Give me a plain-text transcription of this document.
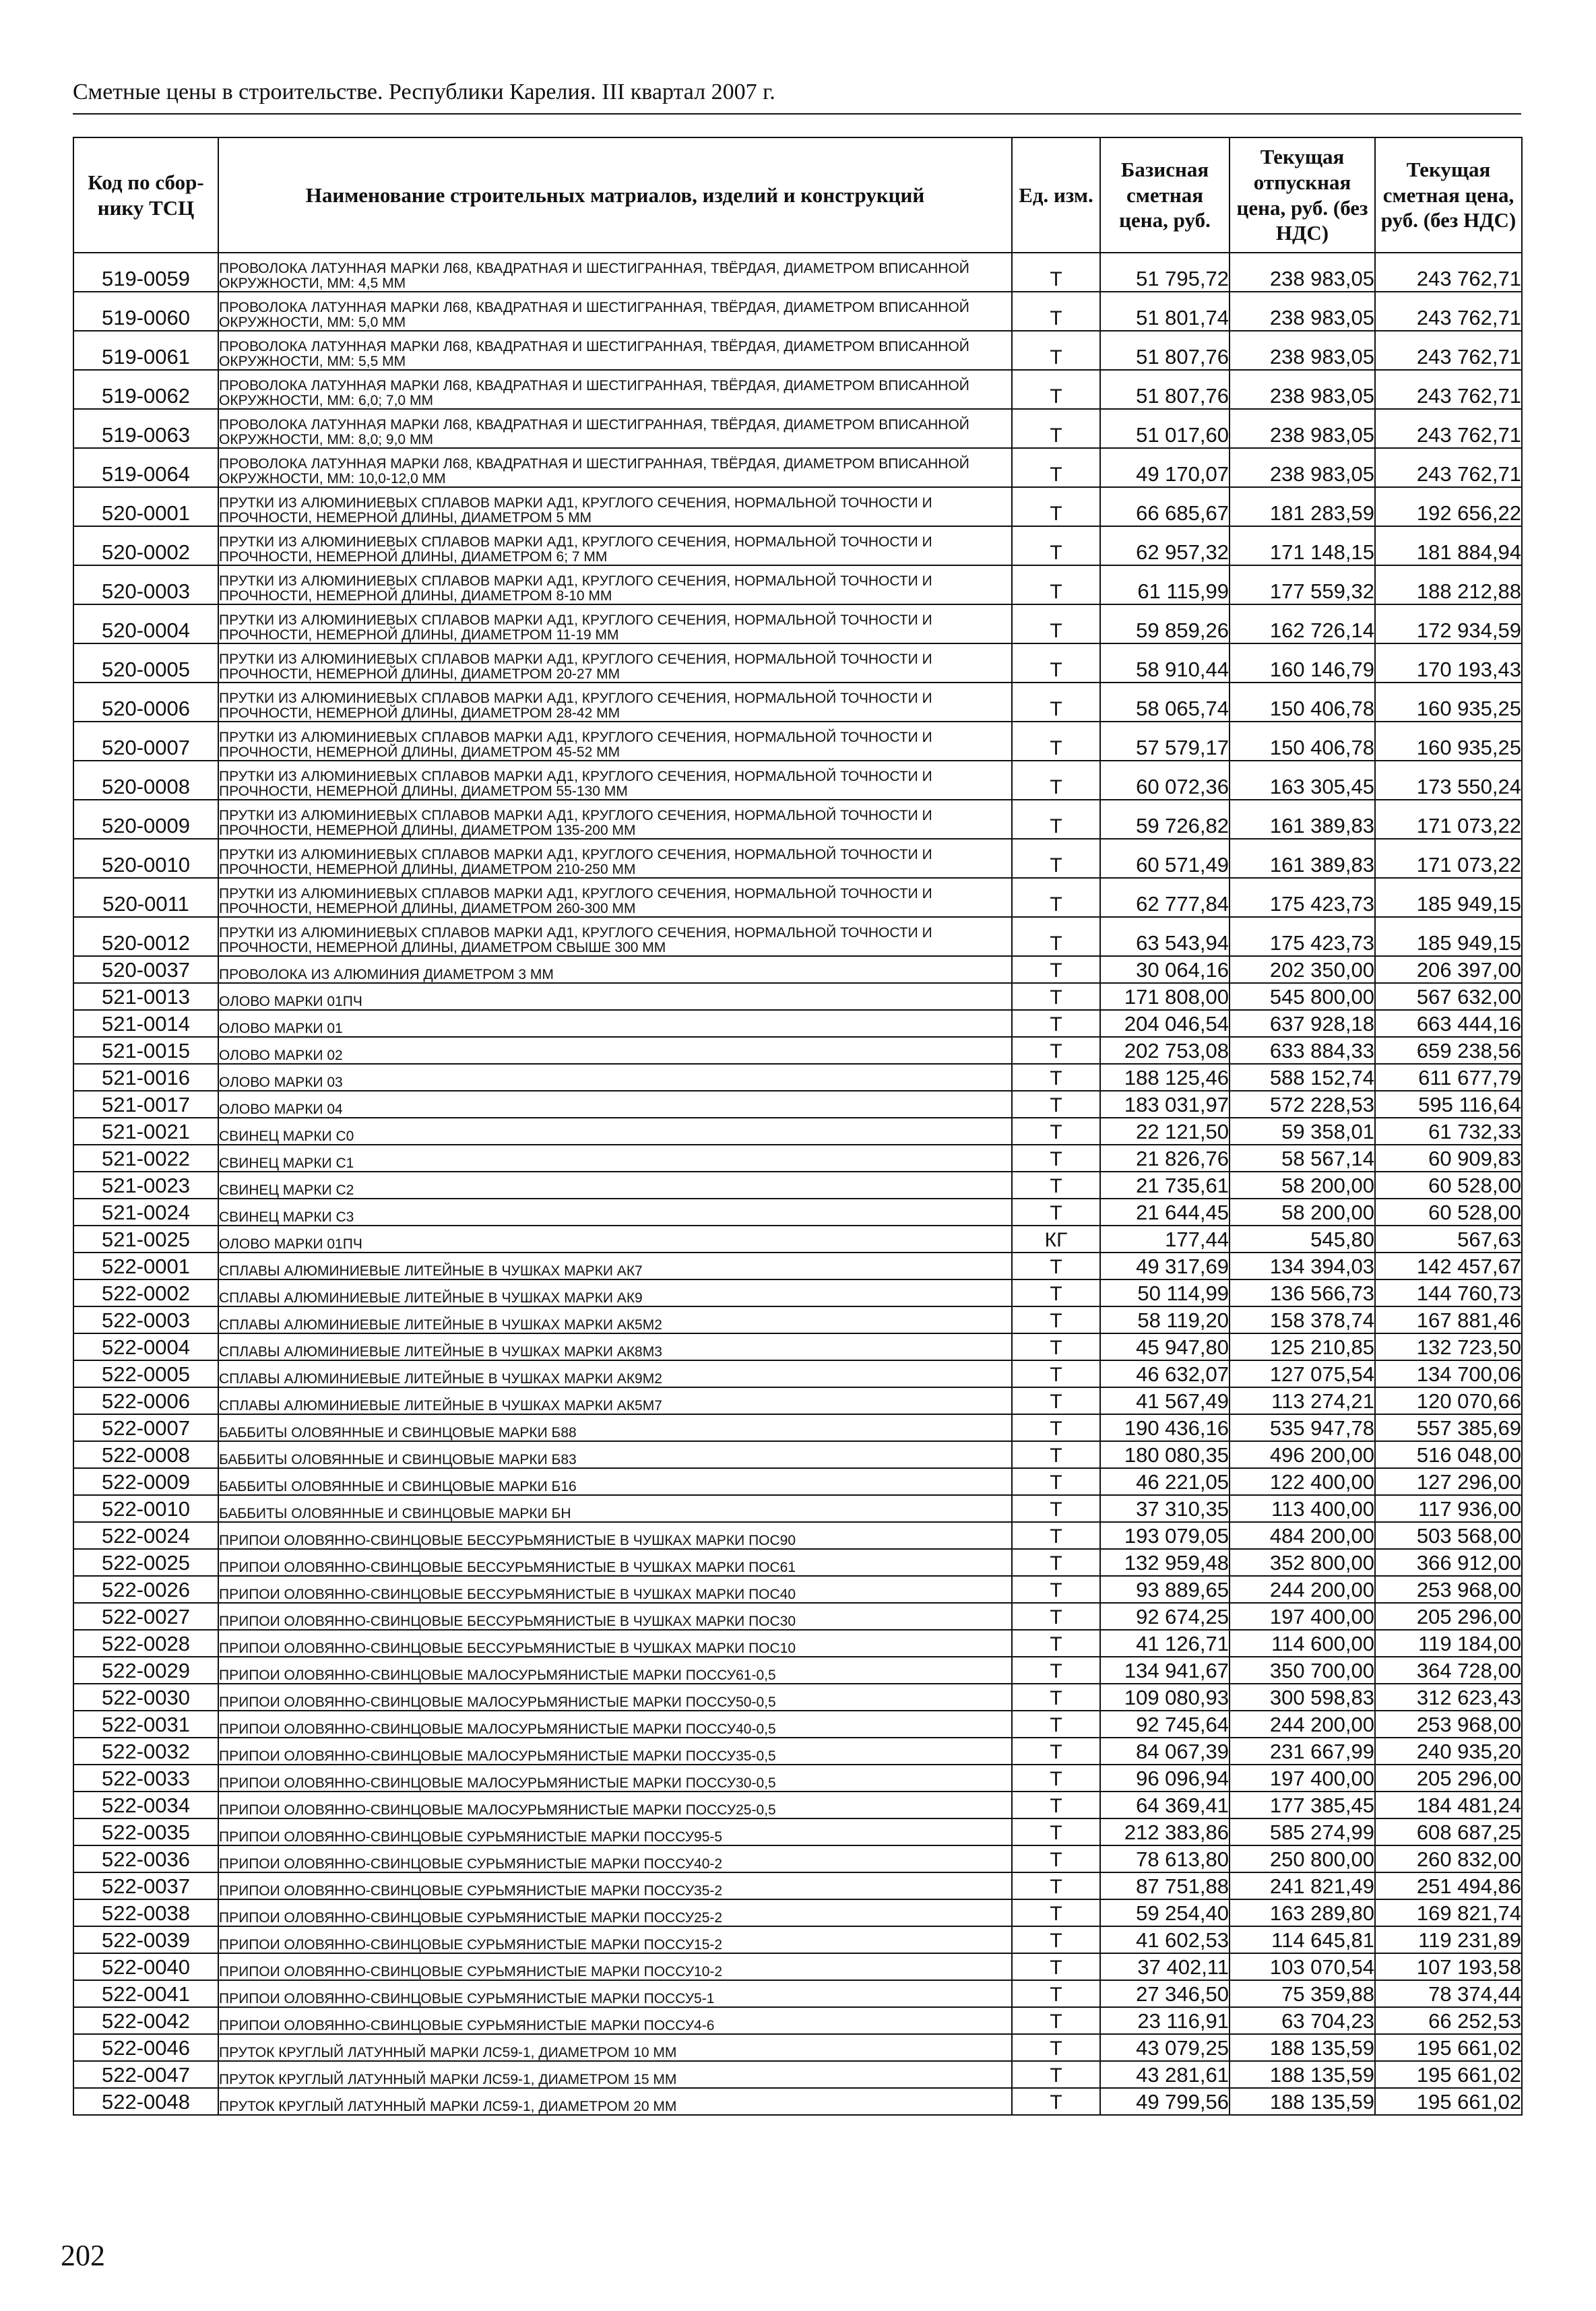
Сметные цены в строительстве. Республики Карелия. III квартал 2007 г.
Код по сбор-нику ТСЦ	Наименование строительных матриалов, изделий и конструкций	Ед. изм.	Базисная сметная цена, руб.	Текущая отпускная цена, руб. (без НДС)	Текущая сметная цена, руб. (без НДС)
519-0059	ПРОВОЛОКА ЛАТУННАЯ МАРКИ Л68, КВАДРАТНАЯ И ШЕСТИГРАННАЯ, ТВЁРДАЯ, ДИАМЕТРОМ ВПИСАННОЙ ОКРУЖНОСТИ, ММ: 4,5 ММ	Т	51 795,72	238 983,05	243 762,71
519-0060	ПРОВОЛОКА ЛАТУННАЯ МАРКИ Л68, КВАДРАТНАЯ И ШЕСТИГРАННАЯ, ТВЁРДАЯ, ДИАМЕТРОМ ВПИСАННОЙ ОКРУЖНОСТИ, ММ: 5,0 ММ	Т	51 801,74	238 983,05	243 762,71
519-0061	ПРОВОЛОКА ЛАТУННАЯ МАРКИ Л68, КВАДРАТНАЯ И ШЕСТИГРАННАЯ, ТВЁРДАЯ, ДИАМЕТРОМ ВПИСАННОЙ ОКРУЖНОСТИ, ММ: 5,5 ММ	Т	51 807,76	238 983,05	243 762,71
519-0062	ПРОВОЛОКА ЛАТУННАЯ МАРКИ Л68, КВАДРАТНАЯ И ШЕСТИГРАННАЯ, ТВЁРДАЯ, ДИАМЕТРОМ ВПИСАННОЙ ОКРУЖНОСТИ, ММ: 6,0; 7,0 ММ	Т	51 807,76	238 983,05	243 762,71
519-0063	ПРОВОЛОКА ЛАТУННАЯ МАРКИ Л68, КВАДРАТНАЯ И ШЕСТИГРАННАЯ, ТВЁРДАЯ, ДИАМЕТРОМ ВПИСАННОЙ ОКРУЖНОСТИ, ММ: 8,0; 9,0 ММ	Т	51 017,60	238 983,05	243 762,71
519-0064	ПРОВОЛОКА ЛАТУННАЯ МАРКИ Л68, КВАДРАТНАЯ И ШЕСТИГРАННАЯ, ТВЁРДАЯ, ДИАМЕТРОМ ВПИСАННОЙ ОКРУЖНОСТИ, ММ: 10,0-12,0 ММ	Т	49 170,07	238 983,05	243 762,71
520-0001	ПРУТКИ ИЗ АЛЮМИНИЕВЫХ СПЛАВОВ МАРКИ АД1, КРУГЛОГО СЕЧЕНИЯ, НОРМАЛЬНОЙ ТОЧНОСТИ И ПРОЧНОСТИ, НЕМЕРНОЙ ДЛИНЫ, ДИАМЕТРОМ 5 ММ	Т	66 685,67	181 283,59	192 656,22
520-0002	ПРУТКИ ИЗ АЛЮМИНИЕВЫХ СПЛАВОВ МАРКИ АД1, КРУГЛОГО СЕЧЕНИЯ, НОРМАЛЬНОЙ ТОЧНОСТИ И ПРОЧНОСТИ, НЕМЕРНОЙ ДЛИНЫ, ДИАМЕТРОМ 6; 7 ММ	Т	62 957,32	171 148,15	181 884,94
520-0003	ПРУТКИ ИЗ АЛЮМИНИЕВЫХ СПЛАВОВ МАРКИ АД1, КРУГЛОГО СЕЧЕНИЯ, НОРМАЛЬНОЙ ТОЧНОСТИ И ПРОЧНОСТИ, НЕМЕРНОЙ ДЛИНЫ, ДИАМЕТРОМ 8-10 ММ	Т	61 115,99	177 559,32	188 212,88
520-0004	ПРУТКИ ИЗ АЛЮМИНИЕВЫХ СПЛАВОВ МАРКИ АД1, КРУГЛОГО СЕЧЕНИЯ, НОРМАЛЬНОЙ ТОЧНОСТИ И ПРОЧНОСТИ, НЕМЕРНОЙ ДЛИНЫ, ДИАМЕТРОМ 11-19 ММ	Т	59 859,26	162 726,14	172 934,59
520-0005	ПРУТКИ ИЗ АЛЮМИНИЕВЫХ СПЛАВОВ МАРКИ АД1, КРУГЛОГО СЕЧЕНИЯ, НОРМАЛЬНОЙ ТОЧНОСТИ И ПРОЧНОСТИ, НЕМЕРНОЙ ДЛИНЫ, ДИАМЕТРОМ 20-27 ММ	Т	58 910,44	160 146,79	170 193,43
520-0006	ПРУТКИ ИЗ АЛЮМИНИЕВЫХ СПЛАВОВ МАРКИ АД1, КРУГЛОГО СЕЧЕНИЯ, НОРМАЛЬНОЙ ТОЧНОСТИ И ПРОЧНОСТИ, НЕМЕРНОЙ ДЛИНЫ, ДИАМЕТРОМ 28-42 ММ	Т	58 065,74	150 406,78	160 935,25
520-0007	ПРУТКИ ИЗ АЛЮМИНИЕВЫХ СПЛАВОВ МАРКИ АД1, КРУГЛОГО СЕЧЕНИЯ, НОРМАЛЬНОЙ ТОЧНОСТИ И ПРОЧНОСТИ, НЕМЕРНОЙ ДЛИНЫ, ДИАМЕТРОМ 45-52 ММ	Т	57 579,17	150 406,78	160 935,25
520-0008	ПРУТКИ ИЗ АЛЮМИНИЕВЫХ СПЛАВОВ МАРКИ АД1, КРУГЛОГО СЕЧЕНИЯ, НОРМАЛЬНОЙ ТОЧНОСТИ И ПРОЧНОСТИ, НЕМЕРНОЙ ДЛИНЫ, ДИАМЕТРОМ 55-130 ММ	Т	60 072,36	163 305,45	173 550,24
520-0009	ПРУТКИ ИЗ АЛЮМИНИЕВЫХ СПЛАВОВ МАРКИ АД1, КРУГЛОГО СЕЧЕНИЯ, НОРМАЛЬНОЙ ТОЧНОСТИ И ПРОЧНОСТИ, НЕМЕРНОЙ ДЛИНЫ, ДИАМЕТРОМ 135-200 ММ	Т	59 726,82	161 389,83	171 073,22
520-0010	ПРУТКИ ИЗ АЛЮМИНИЕВЫХ СПЛАВОВ МАРКИ АД1, КРУГЛОГО СЕЧЕНИЯ, НОРМАЛЬНОЙ ТОЧНОСТИ И ПРОЧНОСТИ, НЕМЕРНОЙ ДЛИНЫ, ДИАМЕТРОМ 210-250 ММ	Т	60 571,49	161 389,83	171 073,22
520-0011	ПРУТКИ ИЗ АЛЮМИНИЕВЫХ СПЛАВОВ МАРКИ АД1, КРУГЛОГО СЕЧЕНИЯ, НОРМАЛЬНОЙ ТОЧНОСТИ И ПРОЧНОСТИ, НЕМЕРНОЙ ДЛИНЫ, ДИАМЕТРОМ 260-300 ММ	Т	62 777,84	175 423,73	185 949,15
520-0012	ПРУТКИ ИЗ АЛЮМИНИЕВЫХ СПЛАВОВ МАРКИ АД1, КРУГЛОГО СЕЧЕНИЯ, НОРМАЛЬНОЙ ТОЧНОСТИ И ПРОЧНОСТИ, НЕМЕРНОЙ ДЛИНЫ, ДИАМЕТРОМ СВЫШЕ 300 ММ	Т	63 543,94	175 423,73	185 949,15
520-0037	ПРОВОЛОКА ИЗ АЛЮМИНИЯ ДИАМЕТРОМ 3 ММ	Т	30 064,16	202 350,00	206 397,00
521-0013	ОЛОВО МАРКИ 01ПЧ	Т	171 808,00	545 800,00	567 632,00
521-0014	ОЛОВО МАРКИ 01	Т	204 046,54	637 928,18	663 444,16
521-0015	ОЛОВО МАРКИ 02	Т	202 753,08	633 884,33	659 238,56
521-0016	ОЛОВО МАРКИ 03	Т	188 125,46	588 152,74	611 677,79
521-0017	ОЛОВО МАРКИ 04	Т	183 031,97	572 228,53	595 116,64
521-0021	СВИНЕЦ МАРКИ С0	Т	22 121,50	59 358,01	61 732,33
521-0022	СВИНЕЦ МАРКИ С1	Т	21 826,76	58 567,14	60 909,83
521-0023	СВИНЕЦ МАРКИ С2	Т	21 735,61	58 200,00	60 528,00
521-0024	СВИНЕЦ МАРКИ С3	Т	21 644,45	58 200,00	60 528,00
521-0025	ОЛОВО МАРКИ 01ПЧ	КГ	177,44	545,80	567,63
522-0001	СПЛАВЫ АЛЮМИНИЕВЫЕ ЛИТЕЙНЫЕ В ЧУШКАХ МАРКИ АК7	Т	49 317,69	134 394,03	142 457,67
522-0002	СПЛАВЫ АЛЮМИНИЕВЫЕ ЛИТЕЙНЫЕ В ЧУШКАХ МАРКИ АК9	Т	50 114,99	136 566,73	144 760,73
522-0003	СПЛАВЫ АЛЮМИНИЕВЫЕ ЛИТЕЙНЫЕ В ЧУШКАХ МАРКИ АК5М2	Т	58 119,20	158 378,74	167 881,46
522-0004	СПЛАВЫ АЛЮМИНИЕВЫЕ ЛИТЕЙНЫЕ В ЧУШКАХ МАРКИ АК8М3	Т	45 947,80	125 210,85	132 723,50
522-0005	СПЛАВЫ АЛЮМИНИЕВЫЕ ЛИТЕЙНЫЕ В ЧУШКАХ МАРКИ АК9М2	Т	46 632,07	127 075,54	134 700,06
522-0006	СПЛАВЫ АЛЮМИНИЕВЫЕ ЛИТЕЙНЫЕ В ЧУШКАХ МАРКИ АК5М7	Т	41 567,49	113 274,21	120 070,66
522-0007	БАББИТЫ ОЛОВЯННЫЕ И СВИНЦОВЫЕ МАРКИ Б88	Т	190 436,16	535 947,78	557 385,69
522-0008	БАББИТЫ ОЛОВЯННЫЕ И СВИНЦОВЫЕ МАРКИ Б83	Т	180 080,35	496 200,00	516 048,00
522-0009	БАББИТЫ ОЛОВЯННЫЕ И СВИНЦОВЫЕ МАРКИ Б16	Т	46 221,05	122 400,00	127 296,00
522-0010	БАББИТЫ ОЛОВЯННЫЕ И СВИНЦОВЫЕ МАРКИ БН	Т	37 310,35	113 400,00	117 936,00
522-0024	ПРИПОИ ОЛОВЯННО-СВИНЦОВЫЕ БЕССУРЬМЯНИСТЫЕ В ЧУШКАХ МАРКИ ПОС90	Т	193 079,05	484 200,00	503 568,00
522-0025	ПРИПОИ ОЛОВЯННО-СВИНЦОВЫЕ БЕССУРЬМЯНИСТЫЕ В ЧУШКАХ МАРКИ ПОС61	Т	132 959,48	352 800,00	366 912,00
522-0026	ПРИПОИ ОЛОВЯННО-СВИНЦОВЫЕ БЕССУРЬМЯНИСТЫЕ В ЧУШКАХ МАРКИ ПОС40	Т	93 889,65	244 200,00	253 968,00
522-0027	ПРИПОИ ОЛОВЯННО-СВИНЦОВЫЕ БЕССУРЬМЯНИСТЫЕ В ЧУШКАХ МАРКИ ПОС30	Т	92 674,25	197 400,00	205 296,00
522-0028	ПРИПОИ ОЛОВЯННО-СВИНЦОВЫЕ БЕССУРЬМЯНИСТЫЕ В ЧУШКАХ МАРКИ ПОС10	Т	41 126,71	114 600,00	119 184,00
522-0029	ПРИПОИ ОЛОВЯННО-СВИНЦОВЫЕ МАЛОСУРЬМЯНИСТЫЕ МАРКИ ПОССУ61-0,5	Т	134 941,67	350 700,00	364 728,00
522-0030	ПРИПОИ ОЛОВЯННО-СВИНЦОВЫЕ МАЛОСУРЬМЯНИСТЫЕ МАРКИ ПОССУ50-0,5	Т	109 080,93	300 598,83	312 623,43
522-0031	ПРИПОИ ОЛОВЯННО-СВИНЦОВЫЕ МАЛОСУРЬМЯНИСТЫЕ МАРКИ ПОССУ40-0,5	Т	92 745,64	244 200,00	253 968,00
522-0032	ПРИПОИ ОЛОВЯННО-СВИНЦОВЫЕ МАЛОСУРЬМЯНИСТЫЕ МАРКИ ПОССУ35-0,5	Т	84 067,39	231 667,99	240 935,20
522-0033	ПРИПОИ ОЛОВЯННО-СВИНЦОВЫЕ МАЛОСУРЬМЯНИСТЫЕ МАРКИ ПОССУ30-0,5	Т	96 096,94	197 400,00	205 296,00
522-0034	ПРИПОИ ОЛОВЯННО-СВИНЦОВЫЕ МАЛОСУРЬМЯНИСТЫЕ МАРКИ ПОССУ25-0,5	Т	64 369,41	177 385,45	184 481,24
522-0035	ПРИПОИ ОЛОВЯННО-СВИНЦОВЫЕ СУРЬМЯНИСТЫЕ МАРКИ ПОССУ95-5	Т	212 383,86	585 274,99	608 687,25
522-0036	ПРИПОИ ОЛОВЯННО-СВИНЦОВЫЕ СУРЬМЯНИСТЫЕ МАРКИ ПОССУ40-2	Т	78 613,80	250 800,00	260 832,00
522-0037	ПРИПОИ ОЛОВЯННО-СВИНЦОВЫЕ СУРЬМЯНИСТЫЕ МАРКИ ПОССУ35-2	Т	87 751,88	241 821,49	251 494,86
522-0038	ПРИПОИ ОЛОВЯННО-СВИНЦОВЫЕ СУРЬМЯНИСТЫЕ МАРКИ ПОССУ25-2	Т	59 254,40	163 289,80	169 821,74
522-0039	ПРИПОИ ОЛОВЯННО-СВИНЦОВЫЕ СУРЬМЯНИСТЫЕ МАРКИ ПОССУ15-2	Т	41 602,53	114 645,81	119 231,89
522-0040	ПРИПОИ ОЛОВЯННО-СВИНЦОВЫЕ СУРЬМЯНИСТЫЕ МАРКИ ПОССУ10-2	Т	37 402,11	103 070,54	107 193,58
522-0041	ПРИПОИ ОЛОВЯННО-СВИНЦОВЫЕ СУРЬМЯНИСТЫЕ МАРКИ ПОССУ5-1	Т	27 346,50	75 359,88	78 374,44
522-0042	ПРИПОИ ОЛОВЯННО-СВИНЦОВЫЕ СУРЬМЯНИСТЫЕ МАРКИ ПОССУ4-6	Т	23 116,91	63 704,23	66 252,53
522-0046	ПРУТОК КРУГЛЫЙ ЛАТУННЫЙ МАРКИ ЛС59-1, ДИАМЕТРОМ 10 ММ	Т	43 079,25	188 135,59	195 661,02
522-0047	ПРУТОК КРУГЛЫЙ ЛАТУННЫЙ МАРКИ ЛС59-1, ДИАМЕТРОМ 15 ММ	Т	43 281,61	188 135,59	195 661,02
522-0048	ПРУТОК КРУГЛЫЙ ЛАТУННЫЙ МАРКИ ЛС59-1, ДИАМЕТРОМ 20 ММ	Т	49 799,56	188 135,59	195 661,02
202
